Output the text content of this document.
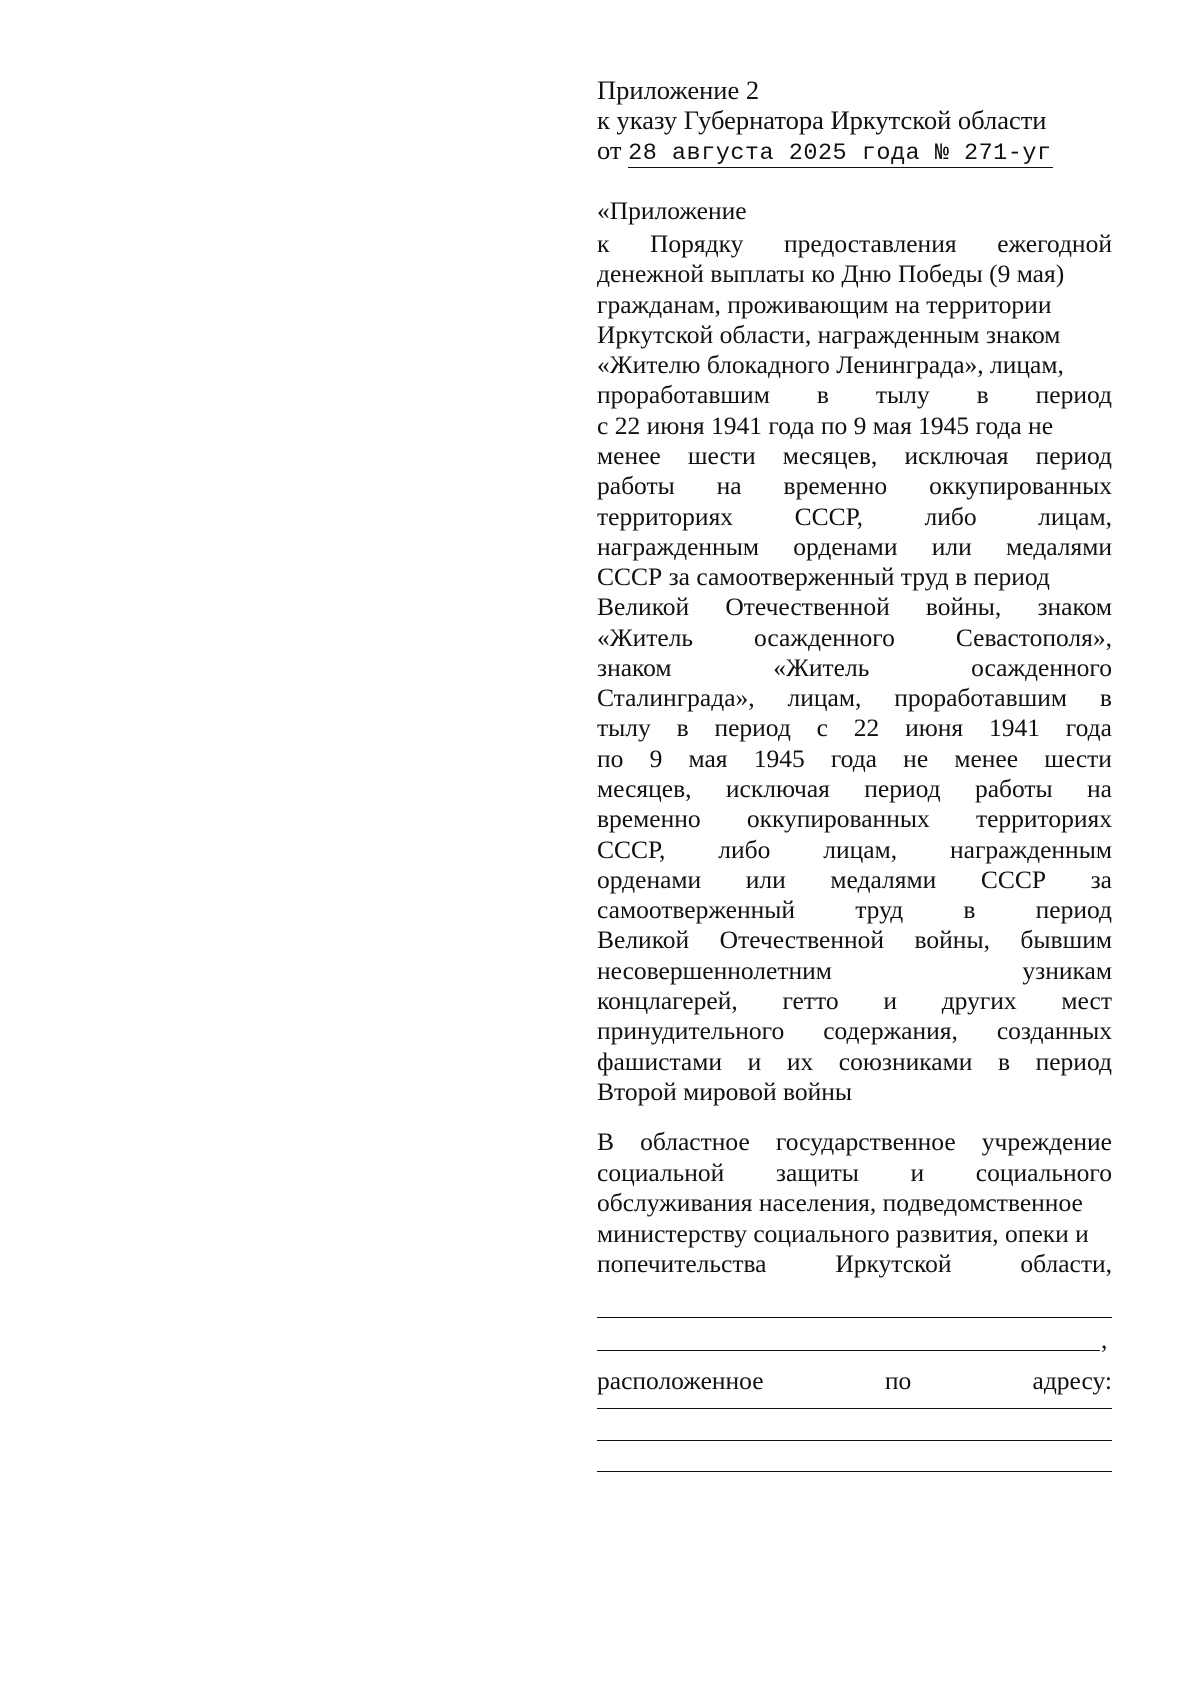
Приложение 2
к указу Губернатора Иркутской области
от 28 августа 2025 года № 271-уг
«Приложение
к Порядку предоставления ежегодной
денежной выплаты ко Дню Победы (9 мая)
гражданам, проживающим на территории
Иркутской области, награжденным знаком
«Жителю блокадного Ленинграда», лицам,
проработавшим в тылу в период
с 22 июня 1941 года по 9 мая 1945 года не
менее шести месяцев, исключая период
работы на временно оккупированных
территориях СССР, либо лицам,
награжденным орденами или медалями
СССР за самоотверженный труд в период
Великой Отечественной войны, знаком
«Житель осажденного Севастополя»,
знаком	«Житель	осажденного
Сталинграда», лицам, проработавшим в
тылу в период с 22 июня 1941 года
по 9 мая 1945 года не менее шести
месяцев, исключая период работы на
временно оккупированных территориях
СССР, либо лицам, награжденным
орденами или медалями СССР за
самоотверженный труд в период
Великой Отечественной войны, бывшим
несовершеннолетним	узникам
концлагерей, гетто и других мест
принудительного содержания, созданных
фашистами и их союзниками в период
Второй мировой войны
В областное государственное учреждение
социальной защиты и социального
обслуживания населения, подведомственное
министерству социального развития, опеки и
попечительства	Иркутской	области,
,
расположенное	по	адресу:
